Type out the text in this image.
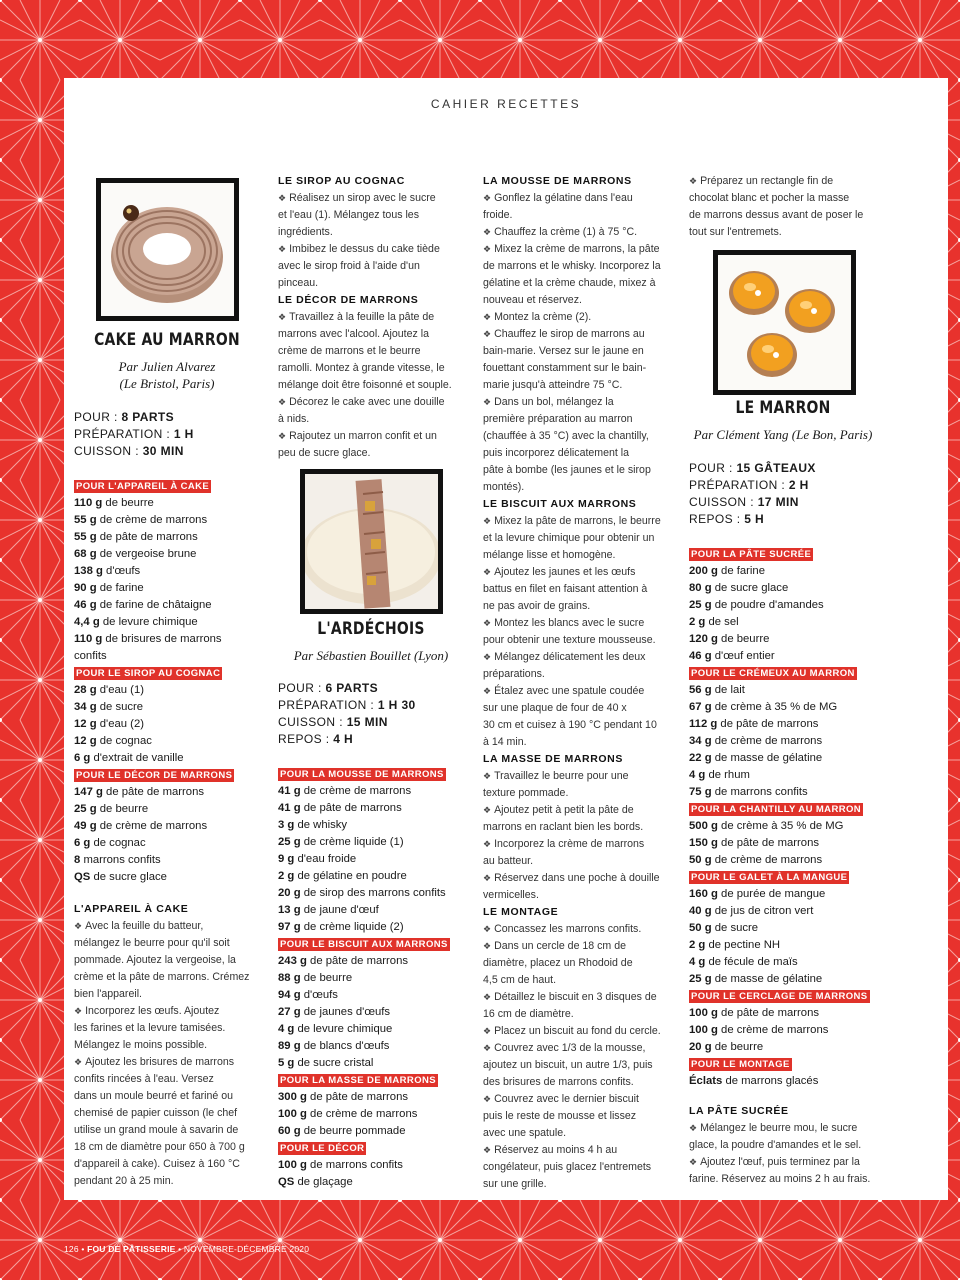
CAHIER RECETTES
CAKE AU MARRON
Par Julien Alvarez
(Le Bristol, Paris)
POUR : 8 PARTS
PRÉPARATION : 1 H
CUISSON : 30 MIN
POUR L'APPAREIL À CAKE
110 g de beurre
55 g de crème de marrons
55 g de pâte de marrons
68 g de vergeoise brune
138 g d'œufs
90 g de farine
46 g de farine de châtaigne
4,4 g de levure chimique
110 g de brisures de marrons
confits
POUR LE SIROP AU COGNAC
28 g d'eau (1)
34 g de sucre
12 g d'eau (2)
12 g de cognac
6 g d'extrait de vanille
POUR LE DÉCOR DE MARRONS
147 g de pâte de marrons
25 g de beurre
49 g de crème de marrons
6 g de cognac
8 marrons confits
QS de sucre glace
L'APPAREIL À CAKE
❖ Avec la feuille du batteur,
mélangez le beurre pour qu'il soit
pommade. Ajoutez la vergeoise, la
crème et la pâte de marrons. Crémez
bien l'appareil.
❖ Incorporez les œufs. Ajoutez
les farines et la levure tamisées.
Mélangez le moins possible.
❖ Ajoutez les brisures de marrons
confits rincées à l'eau. Versez
dans un moule beurré et fariné ou
chemisé de papier cuisson (le chef
utilise un grand moule à savarin de
18 cm de diamètre pour 650 à 700 g
d'appareil à cake). Cuisez à 160 °C
pendant 20 à 25 min.
LE SIROP AU COGNAC
❖ Réalisez un sirop avec le sucre
et l'eau (1). Mélangez tous les
ingrédients.
❖ Imbibez le dessus du cake tiède
avec le sirop froid à l'aide d'un
pinceau.
LE DÉCOR DE MARRONS
❖ Travaillez à la feuille la pâte de
marrons avec l'alcool. Ajoutez la
crème de marrons et le beurre
ramolli. Montez à grande vitesse, le
mélange doit être foisonné et souple.
❖ Décorez le cake avec une douille
à nids.
❖ Rajoutez un marron confit et un
peu de sucre glace.
L'ARDÉCHOIS
Par Sébastien Bouillet (Lyon)
POUR : 6 PARTS
PRÉPARATION : 1 H 30
CUISSON : 15 MIN
REPOS : 4 H
POUR LA MOUSSE DE MARRONS
41 g de crème de marrons
41 g de pâte de marrons
3 g de whisky
25 g de crème liquide (1)
9 g d'eau froide
2 g de gélatine en poudre
20 g de sirop des marrons confits
13 g de jaune d'œuf
97 g de crème liquide (2)
POUR LE BISCUIT AUX MARRONS
243 g de pâte de marrons
88 g de beurre
94 g d'œufs
27 g de jaunes d'œufs
4 g de levure chimique
89 g de blancs d'œufs
5 g de sucre cristal
POUR LA MASSE DE MARRONS
300 g de pâte de marrons
100 g de crème de marrons
60 g de beurre pommade
POUR LE DÉCOR
100 g de marrons confits
QS de glaçage
LA MOUSSE DE MARRONS
❖ Gonflez la gélatine dans l'eau
froide.
❖ Chauffez la crème (1) à 75 °C.
❖ Mixez la crème de marrons, la pâte
de marrons et le whisky. Incorporez la
gélatine et la crème chaude, mixez à
nouveau et réservez.
❖ Montez la crème (2).
❖ Chauffez le sirop de marrons au
bain-marie. Versez sur le jaune en
fouettant constamment sur le bain-
marie jusqu'à atteindre 75 °C.
❖ Dans un bol, mélangez la
première préparation au marron
(chauffée à 35 °C) avec la chantilly,
puis incorporez délicatement la
pâte à bombe (les jaunes et le sirop
montés).
LE BISCUIT AUX MARRONS
❖ Mixez la pâte de marrons, le beurre
et la levure chimique pour obtenir un
mélange lisse et homogène.
❖ Ajoutez les jaunes et les œufs
battus en filet en faisant attention à
ne pas avoir de grains.
❖ Montez les blancs avec le sucre
pour obtenir une texture mousseuse.
❖ Mélangez délicatement les deux
préparations.
❖ Étalez avec une spatule coudée
sur une plaque de four de 40 x
30 cm et cuisez à 190 °C pendant 10
à 14 min.
LA MASSE DE MARRONS
❖ Travaillez le beurre pour une
texture pommade.
❖ Ajoutez petit à petit la pâte de
marrons en raclant bien les bords.
❖ Incorporez la crème de marrons
au batteur.
❖ Réservez dans une poche à douille
vermicelles.
LE MONTAGE
❖ Concassez les marrons confits.
❖ Dans un cercle de 18 cm de
diamètre, placez un Rhodoid de
4,5 cm de haut.
❖ Détaillez le biscuit en 3 disques de
16 cm de diamètre.
❖ Placez un biscuit au fond du cercle.
❖ Couvrez avec 1/3 de la mousse,
ajoutez un biscuit, un autre 1/3, puis
des brisures de marrons confits.
❖ Couvrez avec le dernier biscuit
puis le reste de mousse et lissez
avec une spatule.
❖ Réservez au moins 4 h au
congélateur, puis glacez l'entremets
sur une grille.
❖ Préparez un rectangle fin de
chocolat blanc et pocher la masse
de marrons dessus avant de poser le
tout sur l'entremets.
LE MARRON
Par Clément Yang (Le Bon, Paris)
POUR : 15 GÂTEAUX
PRÉPARATION : 2 H
CUISSON : 17 MIN
REPOS : 5 H
POUR LA PÂTE SUCRÉE
200 g de farine
80 g de sucre glace
25 g de poudre d'amandes
2 g de sel
120 g de beurre
46 g d'œuf entier
POUR LE CRÉMEUX AU MARRON
56 g de lait
67 g de crème à 35 % de MG
112 g de pâte de marrons
34 g de crème de marrons
22 g de masse de gélatine
4 g de rhum
75 g de marrons confits
POUR LA CHANTILLY AU MARRON
500 g de crème à 35 % de MG
150 g de pâte de marrons
50 g de crème de marrons
POUR LE GALET À LA MANGUE
160 g de purée de mangue
40 g de jus de citron vert
50 g de sucre
2 g de pectine NH
4 g de fécule de maïs
25 g de masse de gélatine
POUR LE CERCLAGE DE MARRONS
100 g de pâte de marrons
100 g de crème de marrons
20 g de beurre
POUR LE MONTAGE
Éclats de marrons glacés
LA PÂTE SUCRÉE
❖ Mélangez le beurre mou, le sucre
glace, la poudre d'amandes et le sel.
❖ Ajoutez l'œuf, puis terminez par la
farine. Réservez au moins 2 h au frais.
126 • FOU DE PÂTISSERIE • NOVEMBRE-DÉCEMBRE 2020
